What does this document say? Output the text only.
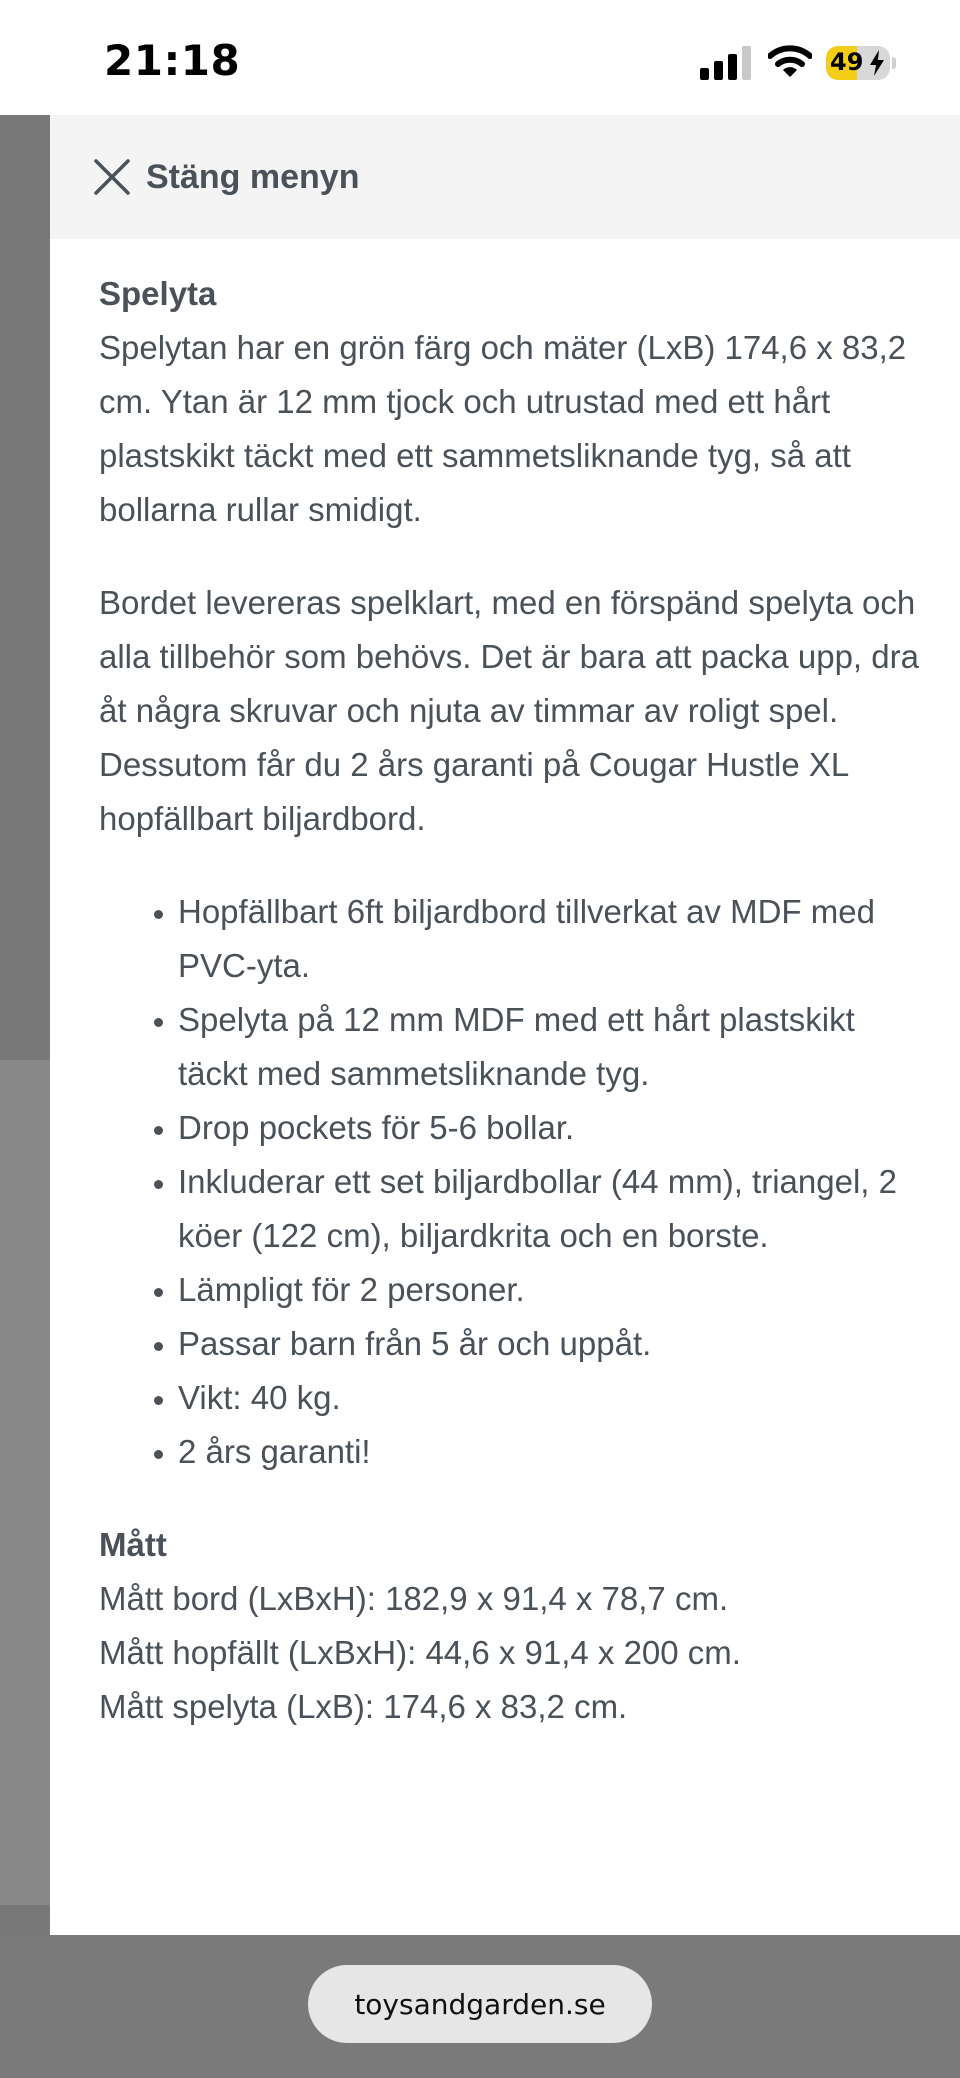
21:18	49
Stäng menyn
Spelyta

Spelytan har en grön färg och mäter (LxB) 174,6 x 83,2 cm. Ytan är 12 mm tjock och utrustad med ett hårt plastskikt täckt med ett sammetsliknande tyg, så att bollarna rullar smidigt.

Bordet levereras spelklart, med en förspänd spelyta och alla tillbehör som behövs. Det är bara att packa upp, dra åt några skruvar och njuta av timmar av roligt spel. Dessutom får du 2 års garanti på Cougar Hustle XL hopfällbart biljardbord.

• Hopfällbart 6ft biljardbord tillverkat av MDF med PVC-yta.
• Spelyta på 12 mm MDF med ett hårt plastskikt täckt med sammetsliknande tyg.
• Drop pockets för 5-6 bollar.
• Inkluderar ett set biljardbollar (44 mm), triangel, 2 köer (122 cm), biljardkrita och en borste.
• Lämpligt för 2 personer.
• Passar barn från 5 år och uppåt.
• Vikt: 40 kg.
• 2 års garanti!
Mått

Mått bord (LxBxH): 182,9 x 91,4 x 78,7 cm.

Mått hopfällt (LxBxH): 44,6 x 91,4 x 200 cm.

Mått spelyta (LxB): 174,6 x 83,2 cm.

toysandgarden.se
